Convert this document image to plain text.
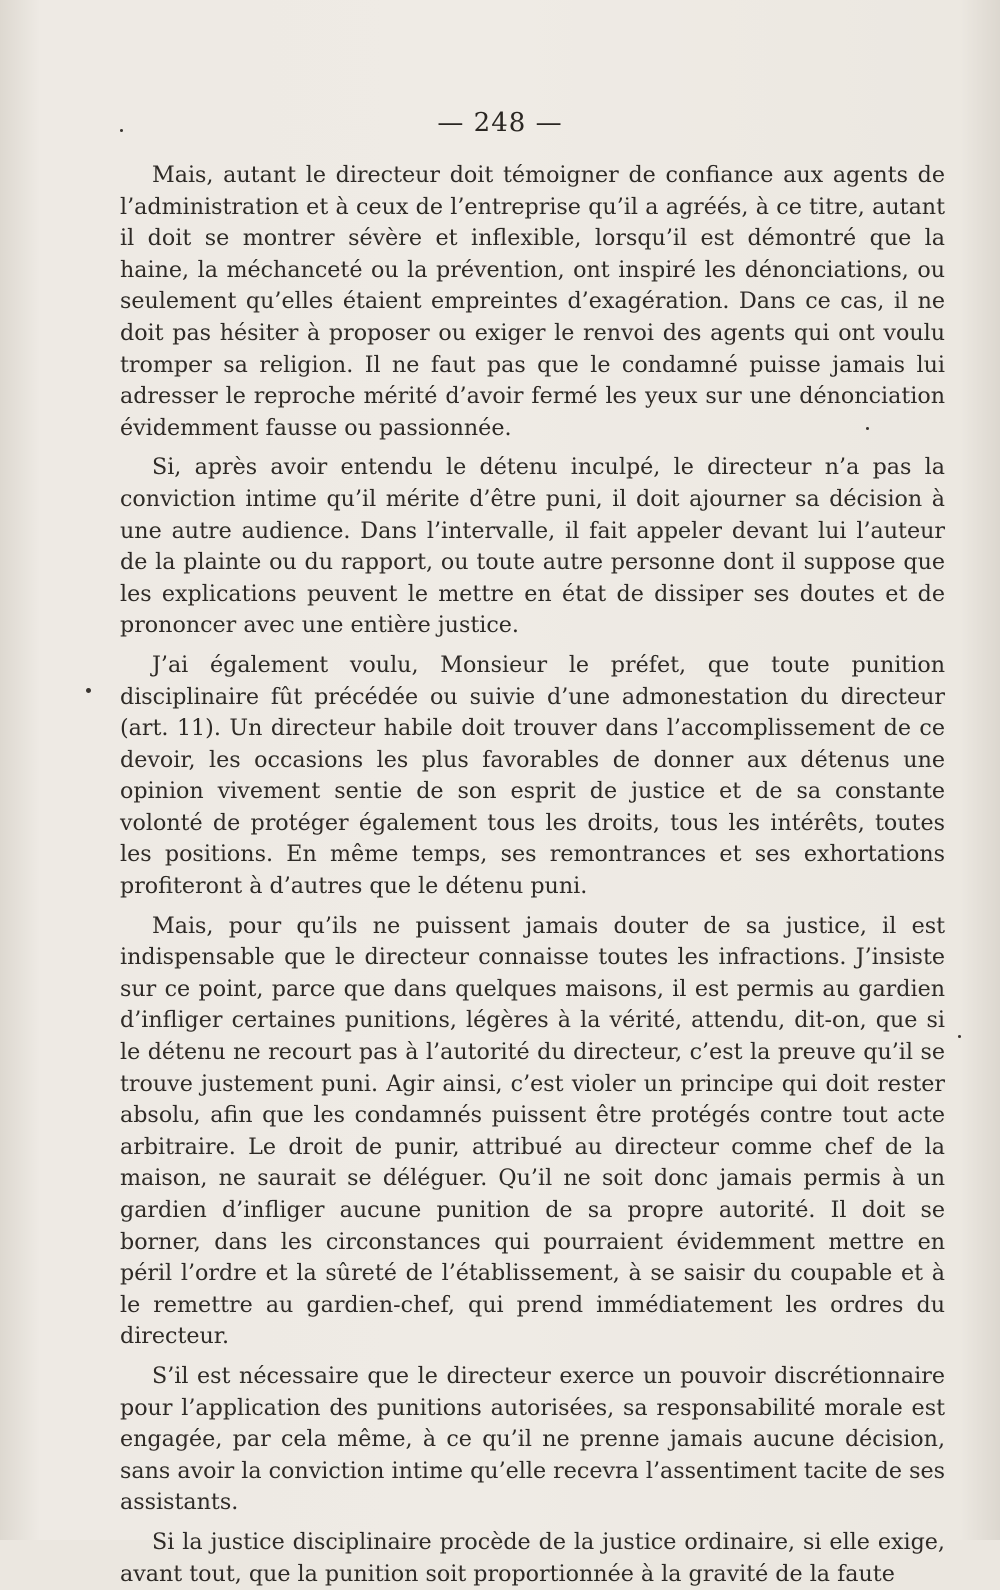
— 248 —

Mais, autant le directeur doit témoigner de confiance aux agents de l’administration et à ceux de l’entreprise qu’il a agréés, à ce titre, autant il doit se montrer sévère et inflexible, lorsqu’il est démontré que la haine, la méchanceté ou la prévention, ont inspiré les dénonciations, ou seulement qu’elles étaient empreintes d’exagération. Dans ce cas, il ne doit pas hésiter à proposer ou exiger le renvoi des agents qui ont voulu tromper sa religion. Il ne faut pas que le condamné puisse jamais lui adresser le reproche mérité d’avoir fermé les yeux sur une dénonciation évidemment fausse ou passionnée.

Si, après avoir entendu le détenu inculpé, le directeur n’a pas la conviction intime qu’il mérite d’être puni, il doit ajourner sa décision à une autre audience. Dans l’intervalle, il fait appeler devant lui l’auteur de la plainte ou du rapport, ou toute autre personne dont il suppose que les explications peuvent le mettre en état de dissiper ses doutes et de prononcer avec une entière justice.

J’ai également voulu, Monsieur le préfet, que toute punition disciplinaire fût précédée ou suivie d’une admonestation du directeur (art. 11). Un directeur habile doit trouver dans l’accomplissement de ce devoir, les occasions les plus favorables de donner aux détenus une opinion vivement sentie de son esprit de justice et de sa constante volonté de protéger également tous les droits, tous les intérêts, toutes les positions. En même temps, ses remontrances et ses exhortations profiteront à d’autres que le détenu puni.

Mais, pour qu’ils ne puissent jamais douter de sa justice, il est indispensable que le directeur connaisse toutes les infractions. J’insiste sur ce point, parce que dans quelques maisons, il est permis au gardien d’infliger certaines punitions, légères à la vérité, attendu, dit-on, que si le détenu ne recourt pas à l’autorité du directeur, c’est la preuve qu’il se trouve justement puni. Agir ainsi, c’est violer un principe qui doit rester absolu, afin que les condamnés puissent être protégés contre tout acte arbitraire. Le droit de punir, attribué au directeur comme chef de la maison, ne saurait se déléguer. Qu’il ne soit donc jamais permis à un gardien d’infliger aucune punition de sa propre autorité. Il doit se borner, dans les circonstances qui pourraient évidemment mettre en péril l’ordre et la sûreté de l’établissement, à se saisir du coupable et à le remettre au gardien-chef, qui prend immédiatement les ordres du directeur.

S’il est nécessaire que le directeur exerce un pouvoir discrétionnaire pour l’application des punitions autorisées, sa responsabilité morale est engagée, par cela même, à ce qu’il ne prenne jamais aucune décision, sans avoir la conviction intime qu’elle recevra l’assentiment tacite de ses assistants.

Si la justice disciplinaire procède de la justice ordinaire, si elle exige, avant tout, que la punition soit proportionnée à la gravité de la faute
